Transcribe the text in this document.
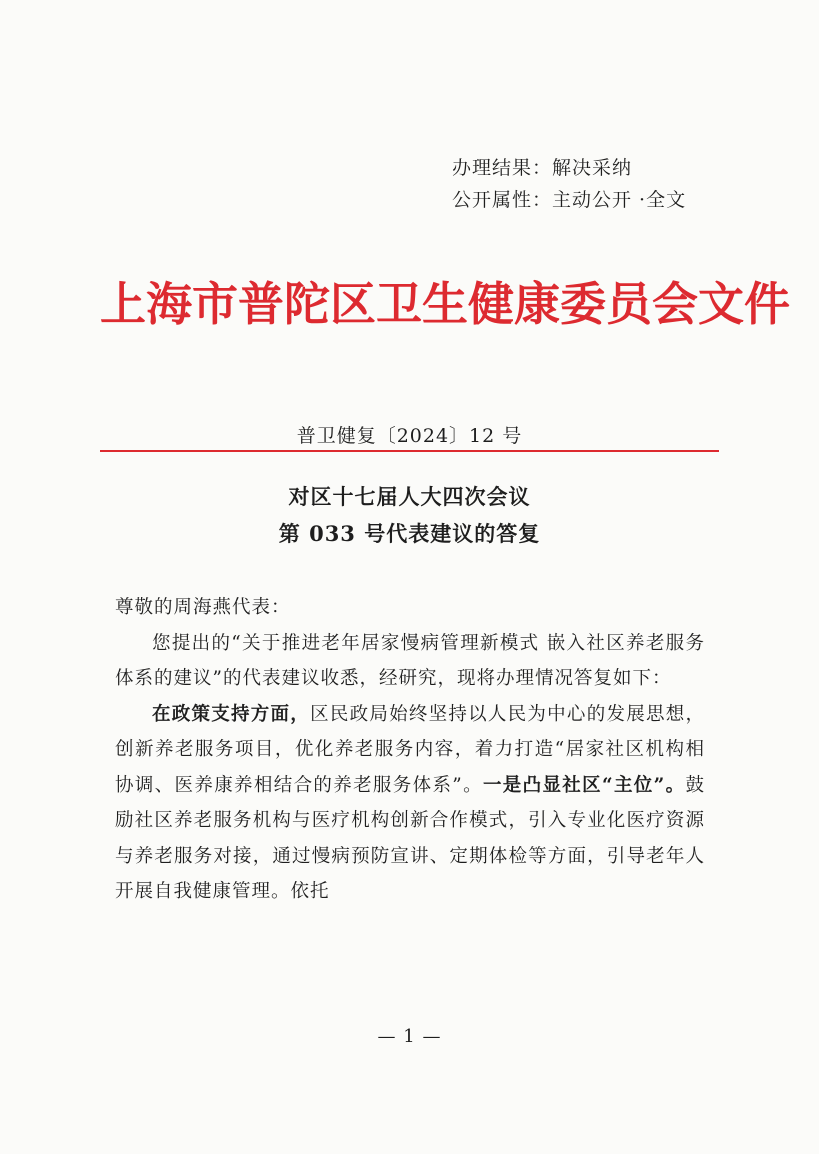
办理结果：解决采纳
公开属性：主动公开 ·全文
上海市普陀区卫生健康委员会文件
普卫健复〔2024〕12 号
对区十七届人大四次会议
第 033 号代表建议的答复

尊敬的周海燕代表：

您提出的“关于推进老年居家慢病管理新模式 嵌入社区养老服务体系的建议”的代表建议收悉，经研究，现将办理情况答复如下：

在政策支持方面，区民政局始终坚持以人民为中心的发展思想，创新养老服务项目，优化养老服务内容，着力打造“居家社区机构相协调、医养康养相结合的养老服务体系”。一是凸显社区“主位”。鼓励社区养老服务机构与医疗机构创新合作模式，引入专业化医疗资源与养老服务对接，通过慢病预防宣讲、定期体检等方面，引导老年人开展自我健康管理。依托

— 1 —
